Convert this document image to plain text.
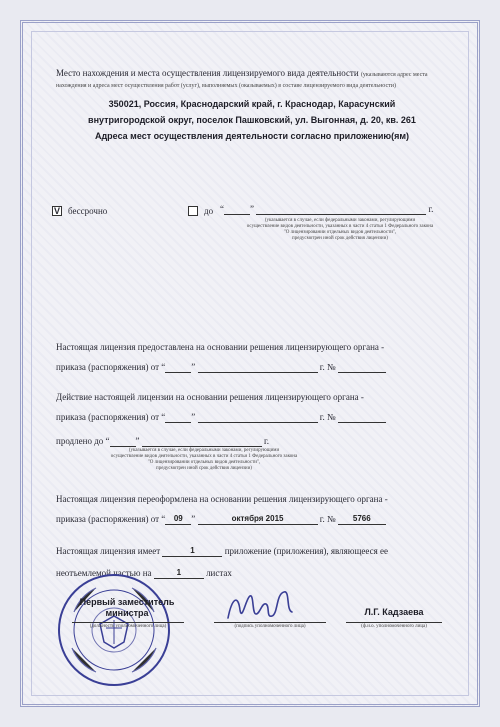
Место нахождения и места осуществления лицензируемого вида деятельности (указываются адрес места нахождения и адреса мест осуществления работ (услуг), выполняемых (оказываемых) в составе лицензируемого вида деятельности)
350021, Россия, Краснодарский край, г. Краснодар, Карасунский
внутригородской округ, поселок Пашковский, ул. Выгонная, д. 20, кв. 261
Адреса мест осуществления деятельности согласно приложению(ям)
V бессрочно	до “	”	г.
(указывается в случае, если федеральными законами, регулирующими
осуществление видов деятельности, указанных в части 4 статьи 1 Федерального закона
"О лицензировании отдельных видов деятельности",
предусмотрен иной срок действия лицензии)
Настоящая лицензия предоставлена на основании решения лицензирующего органа -
приказа (распоряжения) от “	”	г. №
Действие настоящей лицензии на основании решения лицензирующего органа -
приказа (распоряжения) от “	”	г. №
продлено до “	”	г.
(указывается в случае, если федеральными законами, регулирующими
осуществление видов деятельности, указанных в части 4 статьи 1 Федерального закона
"О лицензировании отдельных видов деятельности",
предусмотрен иной срок действия лицензии)
Настоящая лицензия переоформлена на основании решения лицензирующего органа -
приказа (распоряжения) от “ 09 ”	октября 2015	г. № 5766
Настоящая лицензия имеет	1	приложение (приложения), являющееся ее
неотъемлемой частью на	1	листах
Первый заместитель министра
(должность уполномоченного лица)	(подпись уполномоченного лица)
Л.Г. Кадзаева
(ф.и.о. уполномоченного лица)
